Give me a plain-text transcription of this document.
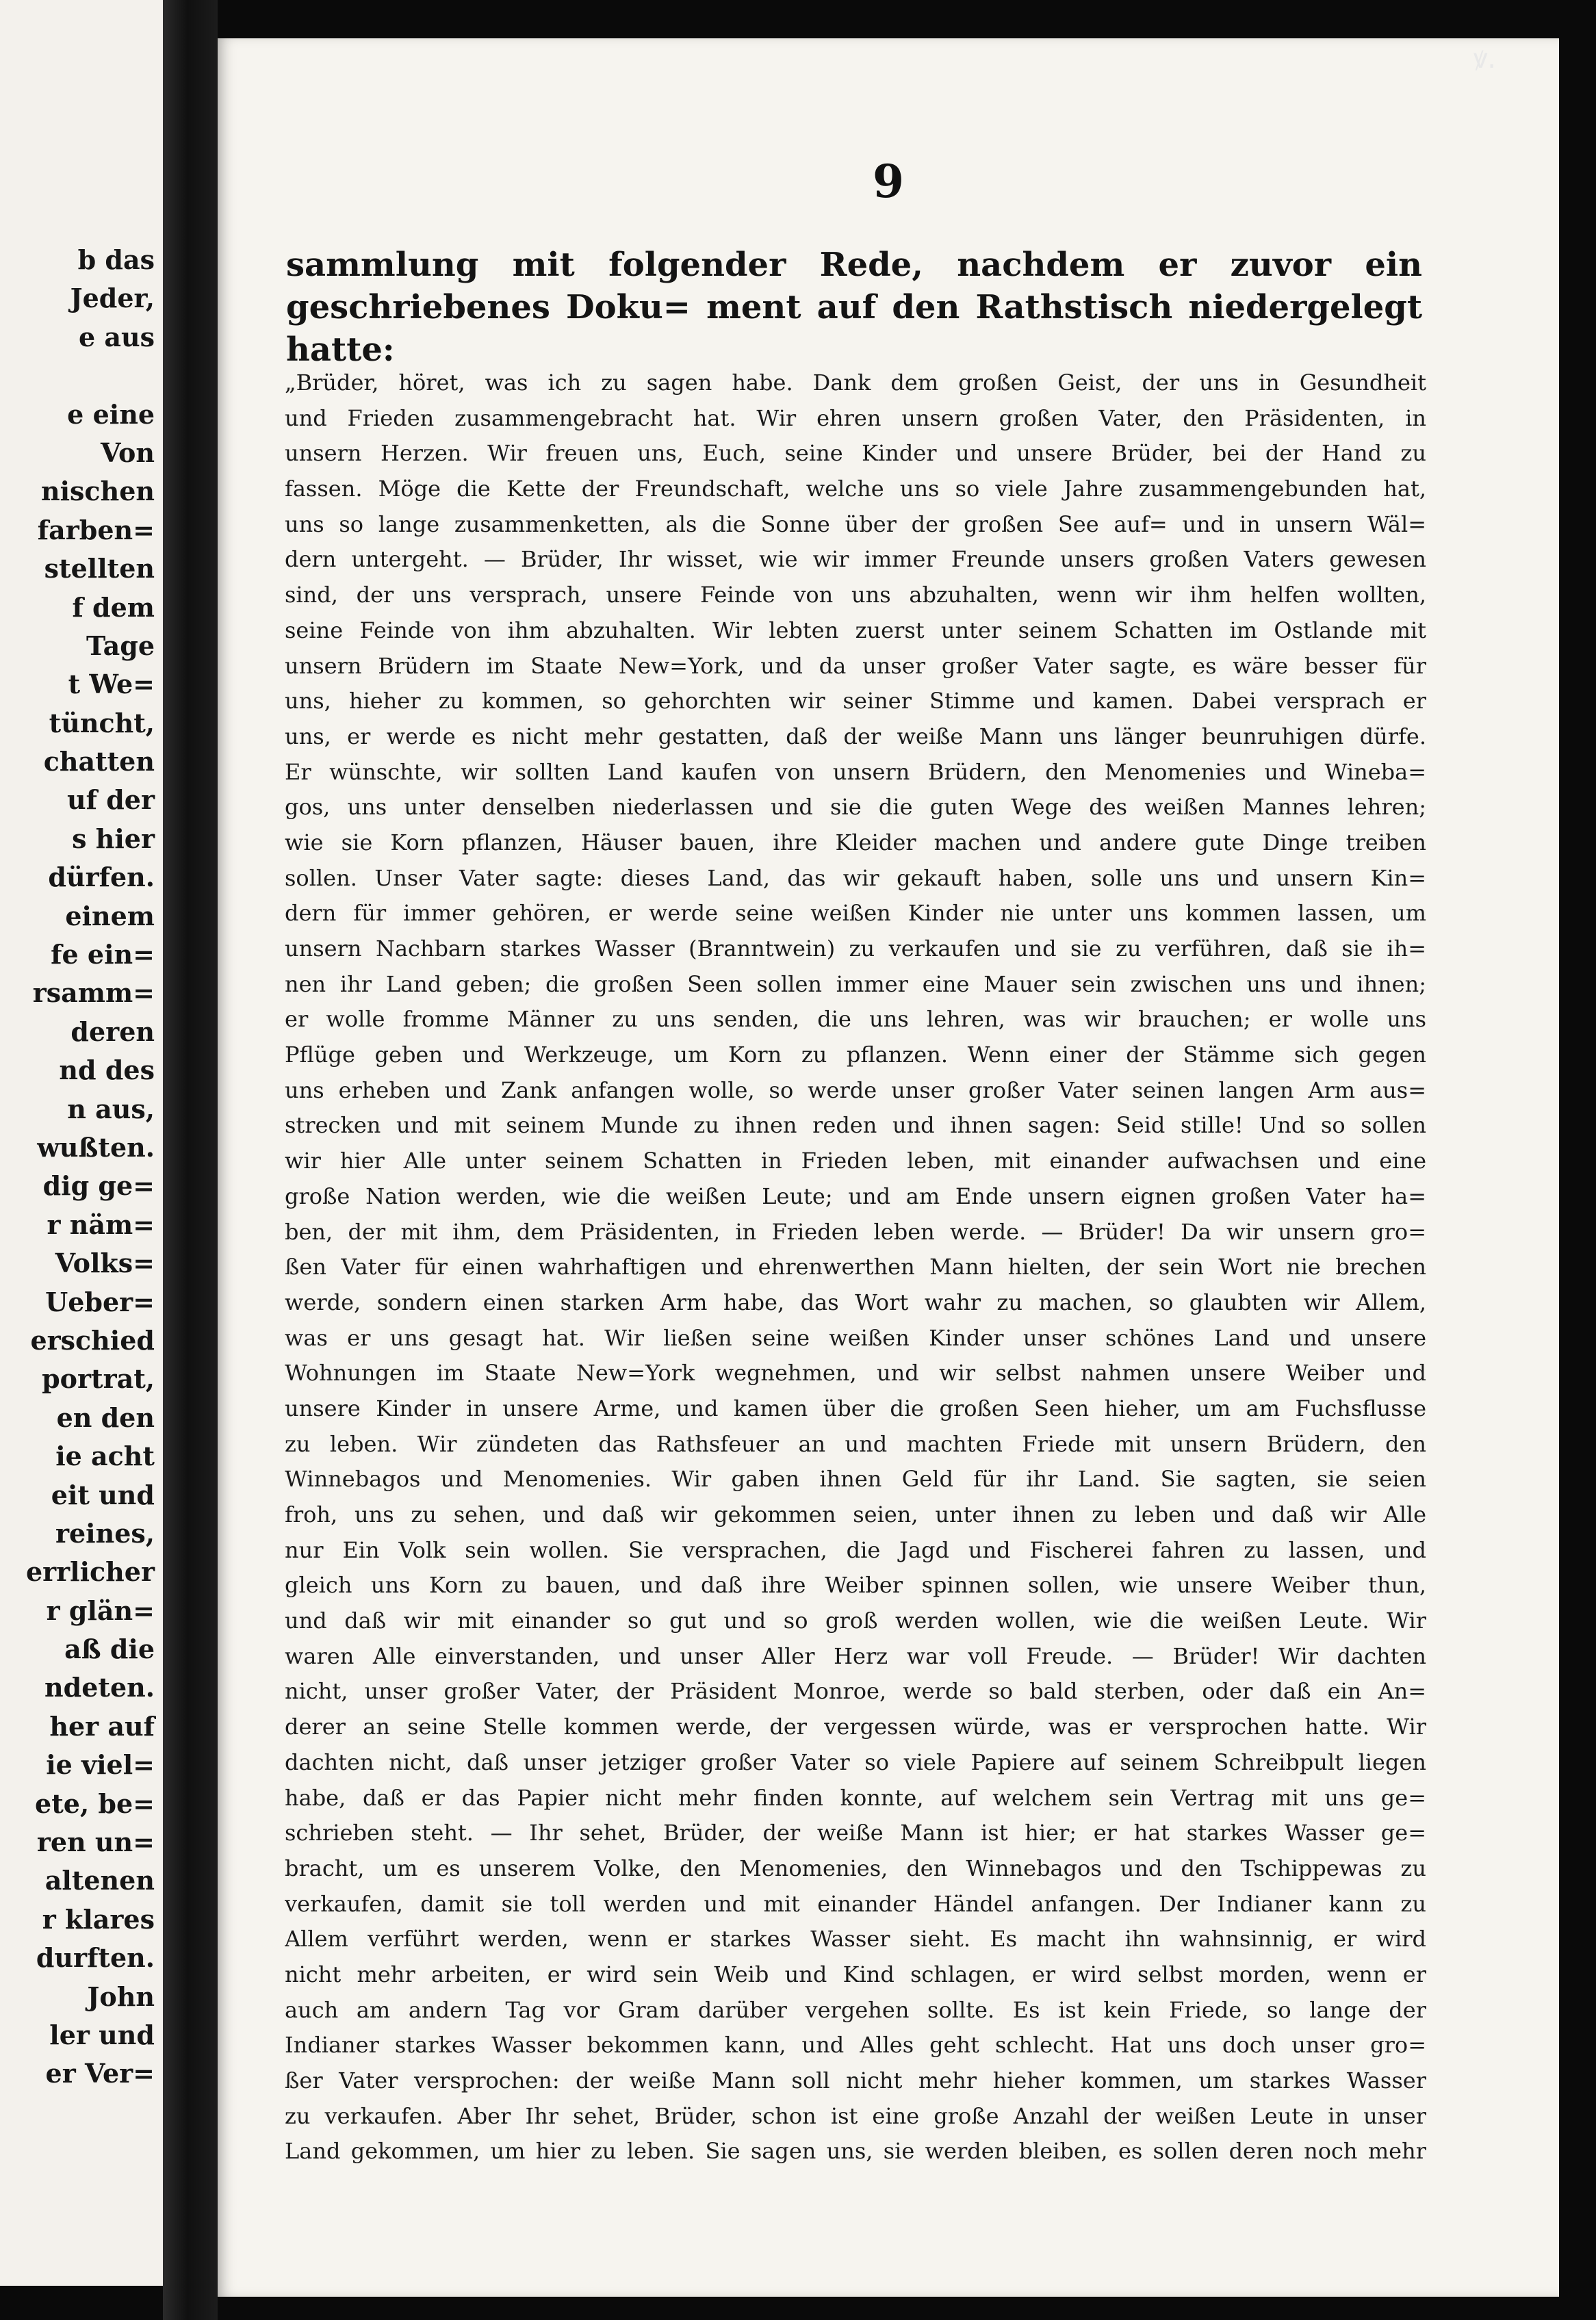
b das
Jeder,
e aus
e eine
Von
nischen
farben=
stellten
f dem
Tage
t We=
tüncht,
chatten
uf der
s hier
dürfen.
einem
fe ein=
rsamm=
deren
nd des
n aus,
wußten.
dig ge=
r näm=
Volks=
Ueber=
erschied
portrat,
en den
ie acht
eit und
reines,
errlicher
r glän=
aß die
ndeten.
her auf
ie viel=
ete, be=
ren un=
altenen
r klares
durften.
John
ler und
er Ver=
ꝟ.
9

sammlung mit folgender Rede, nachdem er zuvor ein geschriebenes Doku= ment auf den Rathstisch niedergelegt hatte:

„Brüder, höret, was ich zu sagen habe. Dank dem großen Geist, der uns in Gesundheit
und Frieden zusammengebracht hat. Wir ehren unsern großen Vater, den Präsidenten, in
unsern Herzen. Wir freuen uns, Euch, seine Kinder und unsere Brüder, bei der Hand zu
fassen. Möge die Kette der Freundschaft, welche uns so viele Jahre zusammengebunden hat,
uns so lange zusammenketten, als die Sonne über der großen See auf= und in unsern Wäl=
dern untergeht. — Brüder, Ihr wisset, wie wir immer Freunde unsers großen Vaters gewesen
sind, der uns versprach, unsere Feinde von uns abzuhalten, wenn wir ihm helfen wollten,
seine Feinde von ihm abzuhalten. Wir lebten zuerst unter seinem Schatten im Ostlande mit
unsern Brüdern im Staate New=York, und da unser großer Vater sagte, es wäre besser für
uns, hieher zu kommen, so gehorchten wir seiner Stimme und kamen. Dabei versprach er
uns, er werde es nicht mehr gestatten, daß der weiße Mann uns länger beunruhigen dürfe.
Er wünschte, wir sollten Land kaufen von unsern Brüdern, den Menomenies und Wineba=
gos, uns unter denselben niederlassen und sie die guten Wege des weißen Mannes lehren;
wie sie Korn pflanzen, Häuser bauen, ihre Kleider machen und andere gute Dinge treiben
sollen. Unser Vater sagte: dieses Land, das wir gekauft haben, solle uns und unsern Kin=
dern für immer gehören, er werde seine weißen Kinder nie unter uns kommen lassen, um
unsern Nachbarn starkes Wasser (Branntwein) zu verkaufen und sie zu verführen, daß sie ih=
nen ihr Land geben; die großen Seen sollen immer eine Mauer sein zwischen uns und ihnen;
er wolle fromme Männer zu uns senden, die uns lehren, was wir brauchen; er wolle uns
Pflüge geben und Werkzeuge, um Korn zu pflanzen. Wenn einer der Stämme sich gegen
uns erheben und Zank anfangen wolle, so werde unser großer Vater seinen langen Arm aus=
strecken und mit seinem Munde zu ihnen reden und ihnen sagen: Seid stille! Und so sollen
wir hier Alle unter seinem Schatten in Frieden leben, mit einander aufwachsen und eine
große Nation werden, wie die weißen Leute; und am Ende unsern eignen großen Vater ha=
ben, der mit ihm, dem Präsidenten, in Frieden leben werde. — Brüder! Da wir unsern gro=
ßen Vater für einen wahrhaftigen und ehrenwerthen Mann hielten, der sein Wort nie brechen
werde, sondern einen starken Arm habe, das Wort wahr zu machen, so glaubten wir Allem,
was er uns gesagt hat. Wir ließen seine weißen Kinder unser schönes Land und unsere
Wohnungen im Staate New=York wegnehmen, und wir selbst nahmen unsere Weiber und
unsere Kinder in unsere Arme, und kamen über die großen Seen hieher, um am Fuchsflusse
zu leben. Wir zündeten das Rathsfeuer an und machten Friede mit unsern Brüdern, den
Winnebagos und Menomenies. Wir gaben ihnen Geld für ihr Land. Sie sagten, sie seien
froh, uns zu sehen, und daß wir gekommen seien, unter ihnen zu leben und daß wir Alle
nur Ein Volk sein wollen. Sie versprachen, die Jagd und Fischerei fahren zu lassen, und
gleich uns Korn zu bauen, und daß ihre Weiber spinnen sollen, wie unsere Weiber thun,
und daß wir mit einander so gut und so groß werden wollen, wie die weißen Leute. Wir
waren Alle einverstanden, und unser Aller Herz war voll Freude. — Brüder! Wir dachten
nicht, unser großer Vater, der Präsident Monroe, werde so bald sterben, oder daß ein An=
derer an seine Stelle kommen werde, der vergessen würde, was er versprochen hatte. Wir
dachten nicht, daß unser jetziger großer Vater so viele Papiere auf seinem Schreibpult liegen
habe, daß er das Papier nicht mehr finden konnte, auf welchem sein Vertrag mit uns ge=
schrieben steht. — Ihr sehet, Brüder, der weiße Mann ist hier; er hat starkes Wasser ge=
bracht, um es unserem Volke, den Menomenies, den Winnebagos und den Tschippewas zu
verkaufen, damit sie toll werden und mit einander Händel anfangen. Der Indianer kann zu
Allem verführt werden, wenn er starkes Wasser sieht. Es macht ihn wahnsinnig, er wird
nicht mehr arbeiten, er wird sein Weib und Kind schlagen, er wird selbst morden, wenn er
auch am andern Tag vor Gram darüber vergehen sollte. Es ist kein Friede, so lange der
Indianer starkes Wasser bekommen kann, und Alles geht schlecht. Hat uns doch unser gro=
ßer Vater versprochen: der weiße Mann soll nicht mehr hieher kommen, um starkes Wasser
zu verkaufen. Aber Ihr sehet, Brüder, schon ist eine große Anzahl der weißen Leute in unser
Land gekommen, um hier zu leben. Sie sagen uns, sie werden bleiben, es sollen deren noch mehr
